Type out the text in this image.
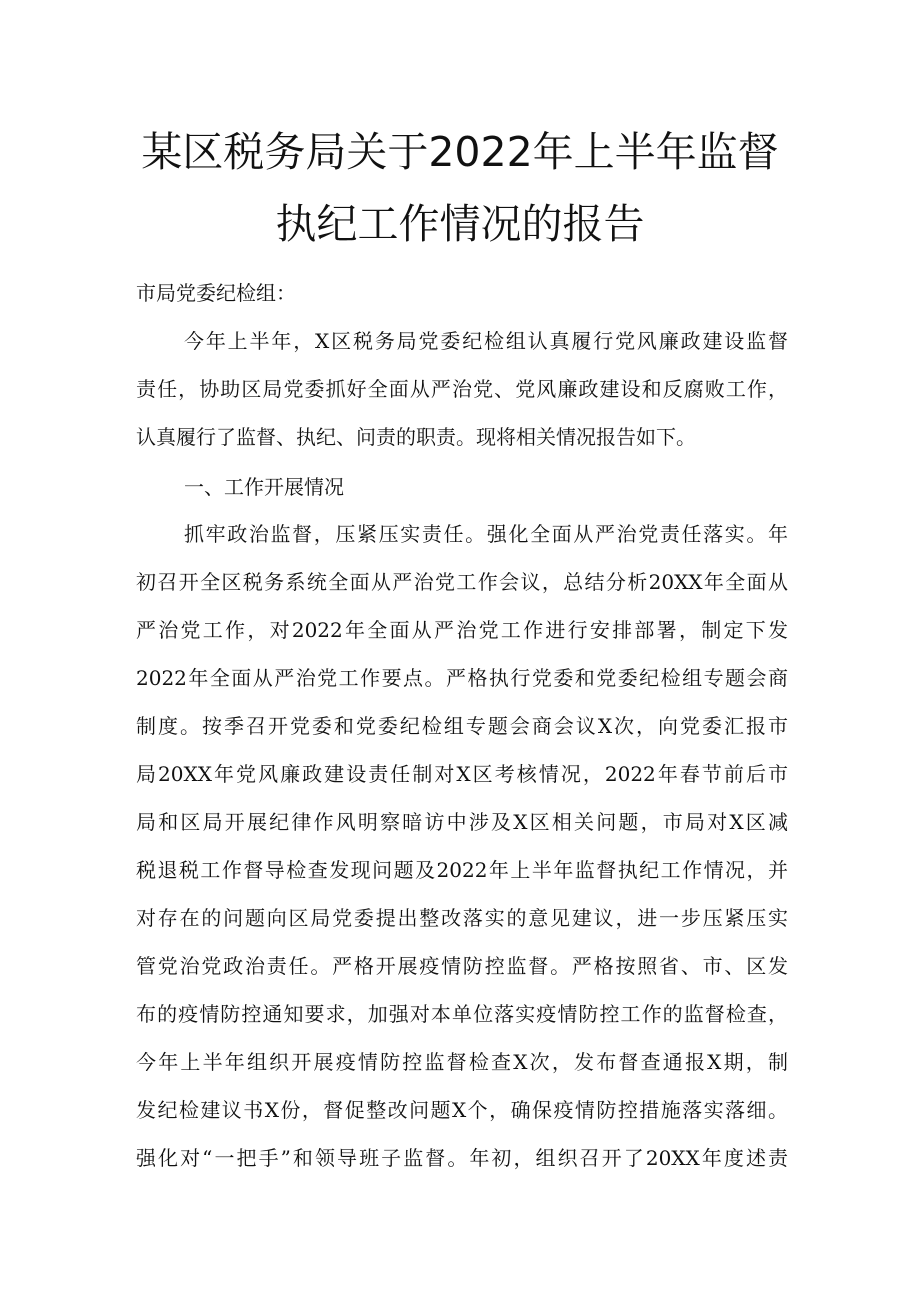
某区税务局关于2022年上半年监督
执纪工作情况的报告
市局党委纪检组：
今年上半年，X区税务局党委纪检组认真履行党风廉政建设监督
责任，协助区局党委抓好全面从严治党、党风廉政建设和反腐败工作，
认真履行了监督、执纪、问责的职责。现将相关情况报告如下。
一、工作开展情况
抓牢政治监督，压紧压实责任。强化全面从严治党责任落实。年
初召开全区税务系统全面从严治党工作会议，总结分析20XX年全面从
严治党工作，对2022年全面从严治党工作进行安排部署，制定下发
2022年全面从严治党工作要点。严格执行党委和党委纪检组专题会商
制度。按季召开党委和党委纪检组专题会商会议X次，向党委汇报市
局20XX年党风廉政建设责任制对X区考核情况，2022年春节前后市
局和区局开展纪律作风明察暗访中涉及X区相关问题，市局对X区减
税退税工作督导检查发现问题及2022年上半年监督执纪工作情况，并
对存在的问题向区局党委提出整改落实的意见建议，进一步压紧压实
管党治党政治责任。严格开展疫情防控监督。严格按照省、市、区发
布的疫情防控通知要求，加强对本单位落实疫情防控工作的监督检查，
今年上半年组织开展疫情防控监督检查X次，发布督查通报X期，制
发纪检建议书X份，督促整改问题X个，确保疫情防控措施落实落细。
强化对“一把手”和领导班子监督。年初，组织召开了20XX年度述责
